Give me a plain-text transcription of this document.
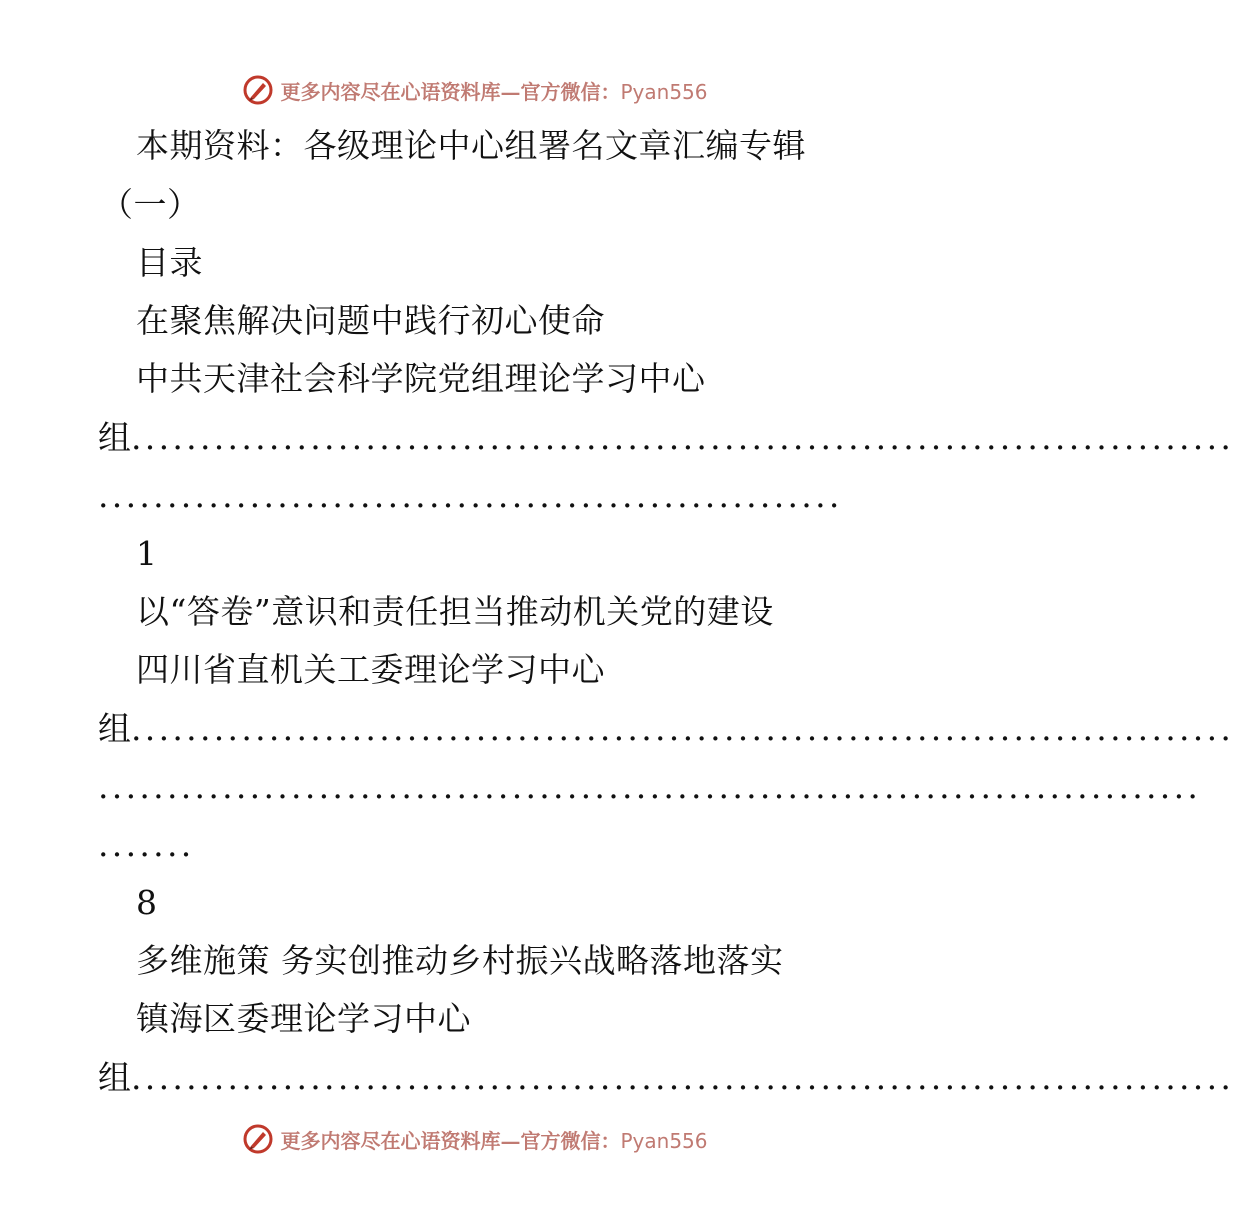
更多内容尽在心语资料库—官方微信：Pyan556
本期资料：各级理论中心组署名文章汇编专辑
（一）
目录
在聚焦解决问题中践行初心使命
中共天津社会科学院党组理论学习中心
组 ................................................................................
......................................................
1
以“答卷”意识和责任担当推动机关党的建设
四川省直机关工委理论学习中心
组 ................................................................................
................................................................................
.......
8
多维施策 务实创推动乡村振兴战略落地落实
镇海区委理论学习中心
组 ................................................................................
更多内容尽在心语资料库—官方微信：Pyan556
